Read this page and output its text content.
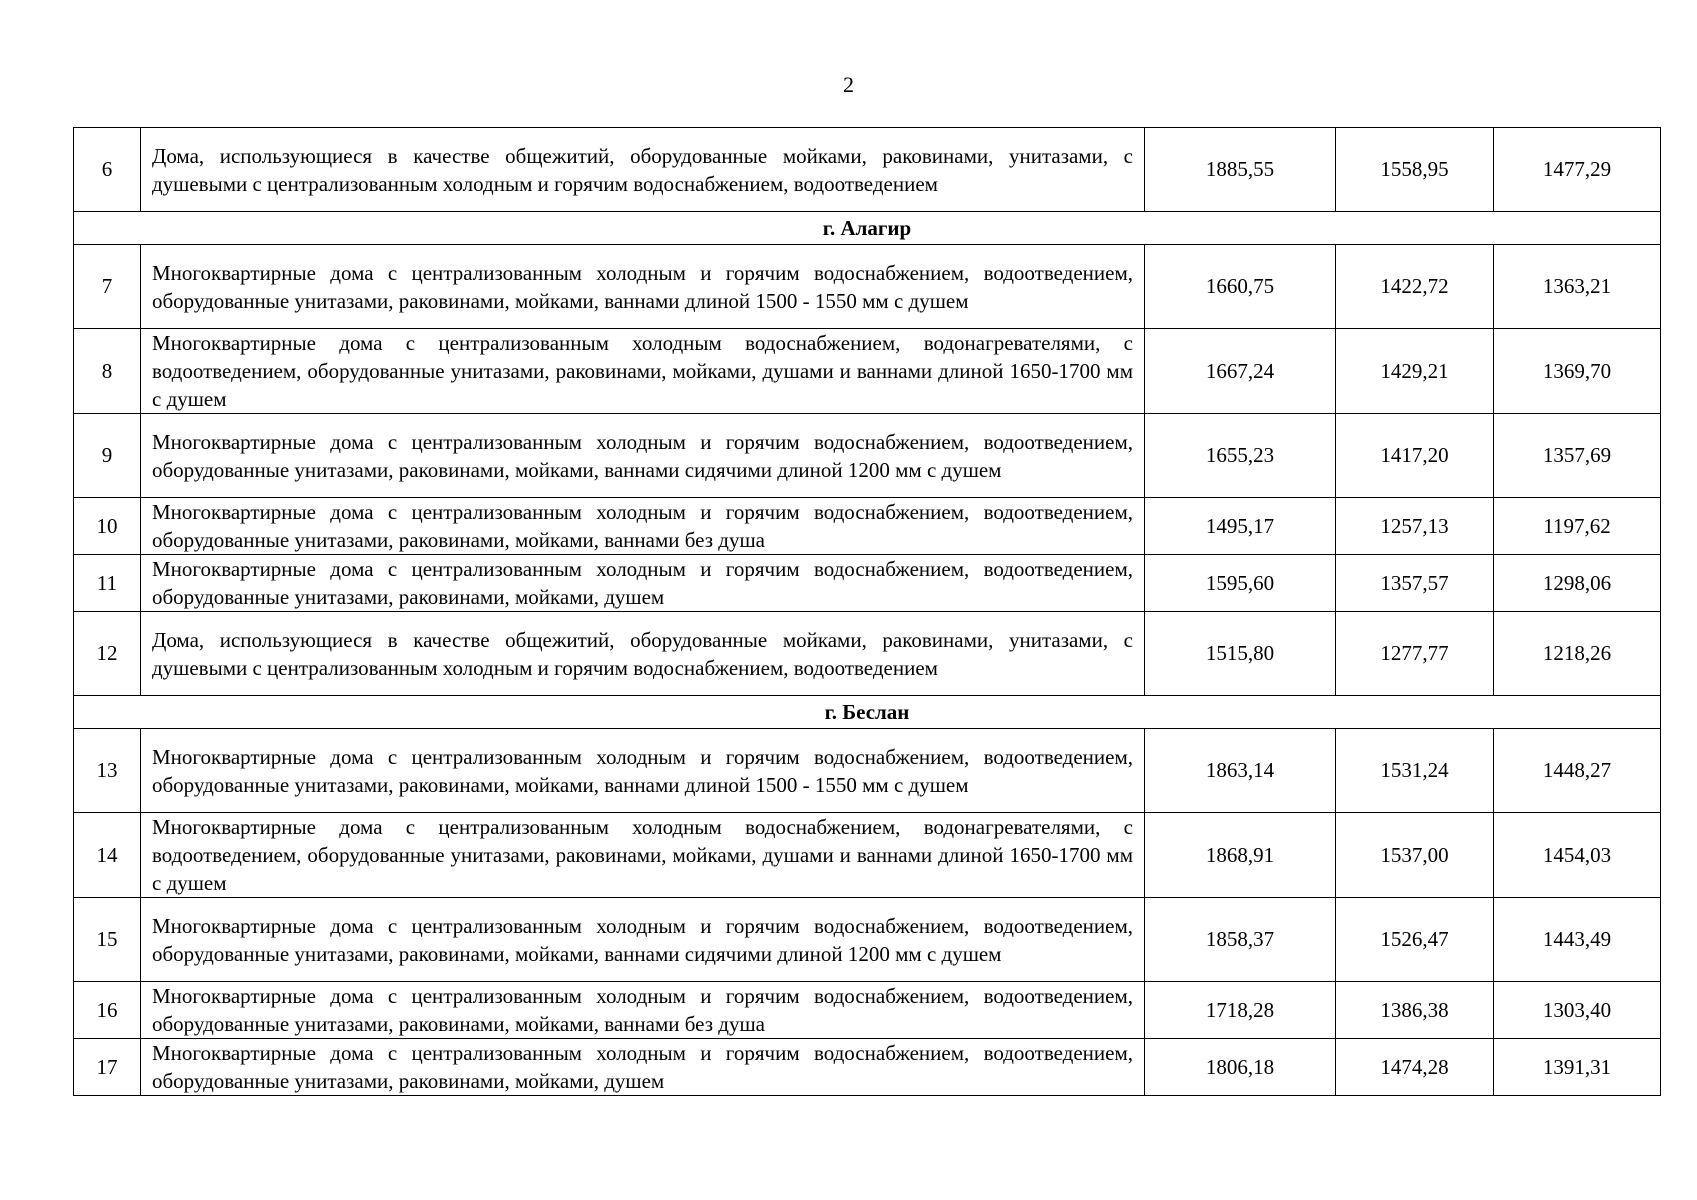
2
6	Дома, использующиеся в качестве общежитий, оборудованные мойками, раковинами, унитазами, с душевыми с централизованным холодным и горячим водоснабжением, водоотведением	1885,55	1558,95	1477,29
г. Алагир				
7	Многоквартирные дома с централизованным холодным и горячим водоснабжением, водоотведением, оборудованные унитазами, раковинами, мойками, ваннами длиной 1500 - 1550 мм с душем	1660,75	1422,72	1363,21
8	Многоквартирные дома с централизованным холодным водоснабжением, водонагревателями, с водоотведением, оборудованные унитазами, раковинами, мойками, душами и ваннами длиной 1650-1700 мм с душем	1667,24	1429,21	1369,70
9	Многоквартирные дома с централизованным холодным и горячим водоснабжением, водоотведением, оборудованные унитазами, раковинами, мойками, ваннами сидячими длиной 1200 мм с душем	1655,23	1417,20	1357,69
10	Многоквартирные дома с централизованным холодным и горячим водоснабжением, водоотведением, оборудованные унитазами, раковинами, мойками, ваннами без душа	1495,17	1257,13	1197,62
11	Многоквартирные дома с централизованным холодным и горячим водоснабжением, водоотведением, оборудованные унитазами, раковинами, мойками, душем	1595,60	1357,57	1298,06
12	Дома, использующиеся в качестве общежитий, оборудованные мойками, раковинами, унитазами, с душевыми с централизованным холодным и горячим водоснабжением, водоотведением	1515,80	1277,77	1218,26
г. Беслан				
13	Многоквартирные дома с централизованным холодным и горячим водоснабжением, водоотведением, оборудованные унитазами, раковинами, мойками, ваннами длиной 1500 - 1550 мм с душем	1863,14	1531,24	1448,27
14	Многоквартирные дома с централизованным холодным водоснабжением, водонагревателями, с водоотведением, оборудованные унитазами, раковинами, мойками, душами и ваннами длиной 1650-1700 мм с душем	1868,91	1537,00	1454,03
15	Многоквартирные дома с централизованным холодным и горячим водоснабжением, водоотведением, оборудованные унитазами, раковинами, мойками, ваннами сидячими длиной 1200 мм с душем	1858,37	1526,47	1443,49
16	Многоквартирные дома с централизованным холодным и горячим водоснабжением, водоотведением, оборудованные унитазами, раковинами, мойками, ваннами без душа	1718,28	1386,38	1303,40
17	Многоквартирные дома с централизованным холодным и горячим водоснабжением, водоотведением, оборудованные унитазами, раковинами, мойками, душем	1806,18	1474,28	1391,31
